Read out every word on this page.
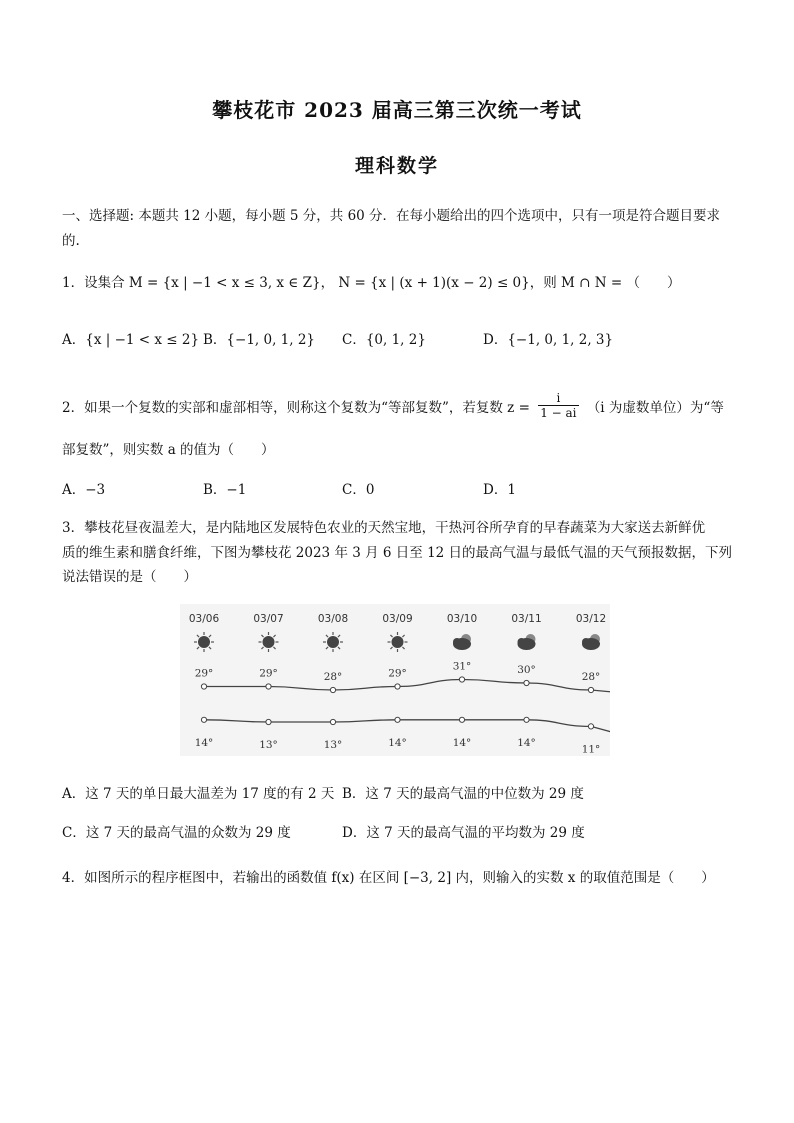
攀枝花市 2023 届高三第三次统一考试
理科数学
一、选择题: 本题共 12 小题，每小题 5 分，共 60 分．在每小题给出的四个选项中，只有一项是符合题目要求
的.
1．设集合 M = {x | −1 < x ≤ 3, x ∈ Z}， N = {x | (x + 1)(x − 2) ≤ 0}，则 M ∩ N = （　　）
A．{x | −1 < x ≤ 2} B．{−1, 0, 1, 2} C．{0, 1, 2}	D．{−1, 0, 1, 2, 3}
2．如果一个复数的实部和虚部相等，则称这个复数为“等部复数”，若复数 $z = \frac{i}{1 - ai} (i$ 为虚数单位）为“等
部复数”，则实数 a 的值为（　　）
A．−3	B．−1	C．0	D．1
3．攀枝花昼夜温差大，是内陆地区发展特色农业的天然宝地，干热河谷所孕育的早春蔬菜为大家送去新鲜优
质的维生素和膳食纤维，下图为攀枝花 2023 年 3 月 6 日至 12 日的最高气温与最低气温的天气预报数据，下列
说法错误的是（　　）
03/06	03/07	03/08	03/09	03/10	03/11	03/12
29°	29°	28°	29°
31°	30°
28°
14°	13°	13°	14°	14°	14°
11°
A．这 7 天的单日最大温差为 17 度的有 2 天 B．这 7 天的最高气温的中位数为 29 度
C．这 7 天的最高气温的众数为 29 度	D．这 7 天的最高气温的平均数为 29 度
4．如图所示的程序框图中，若输出的函数值 f(x) 在区间 [−3, 2] 内，则输入的实数 x 的取值范围是（　　）
